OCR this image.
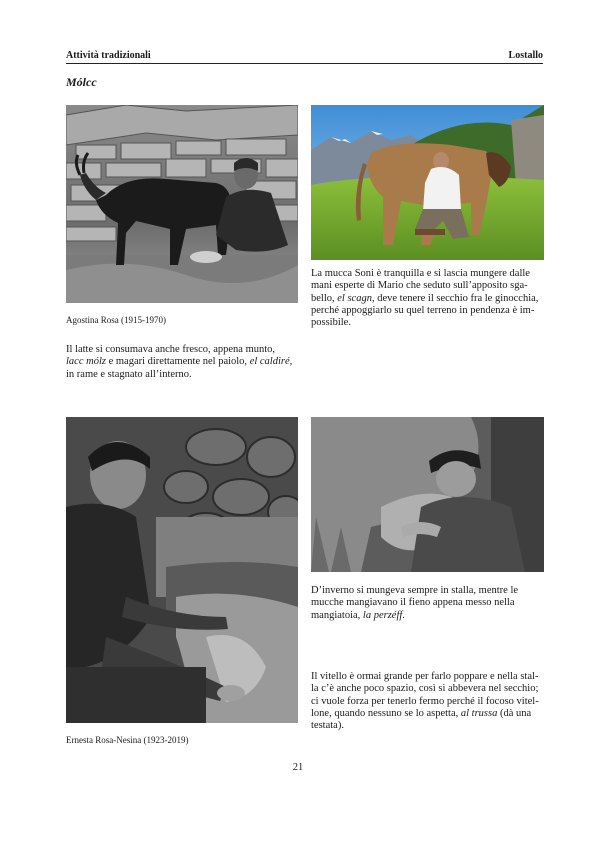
Attività tradizionali	Lostallo
Mólcc
Agostina Rosa (1915-1970)
La mucca Soni è tranquilla e si lascia mungere dalle
mani esperte di Mario che seduto sull’apposito sga-
bello, el scagn, deve tenere il secchio fra le ginocchia,
perché appoggiarlo su quel terreno in pendenza è im-
possibile.
Il latte si consumava anche fresco, appena munto,
lacc mólz e magari direttamente nel paiolo, el caldiré,
in rame e stagnato all’interno.
Ernesta Rosa-Nesina (1923-2019)
D’inverno si mungeva sempre in stalla, mentre le
mucche mangiavano il fieno appena messo nella
mangiatoia, la perzéff.
Il vitello è ormai grande per farlo poppare e nella stal-
la c’è anche poco spazio, così si abbevera nel secchio;
ci vuole forza per tenerlo fermo perché il focoso vitel-
lone, quando nessuno se lo aspetta, al trussa (dà una
testata).
21
